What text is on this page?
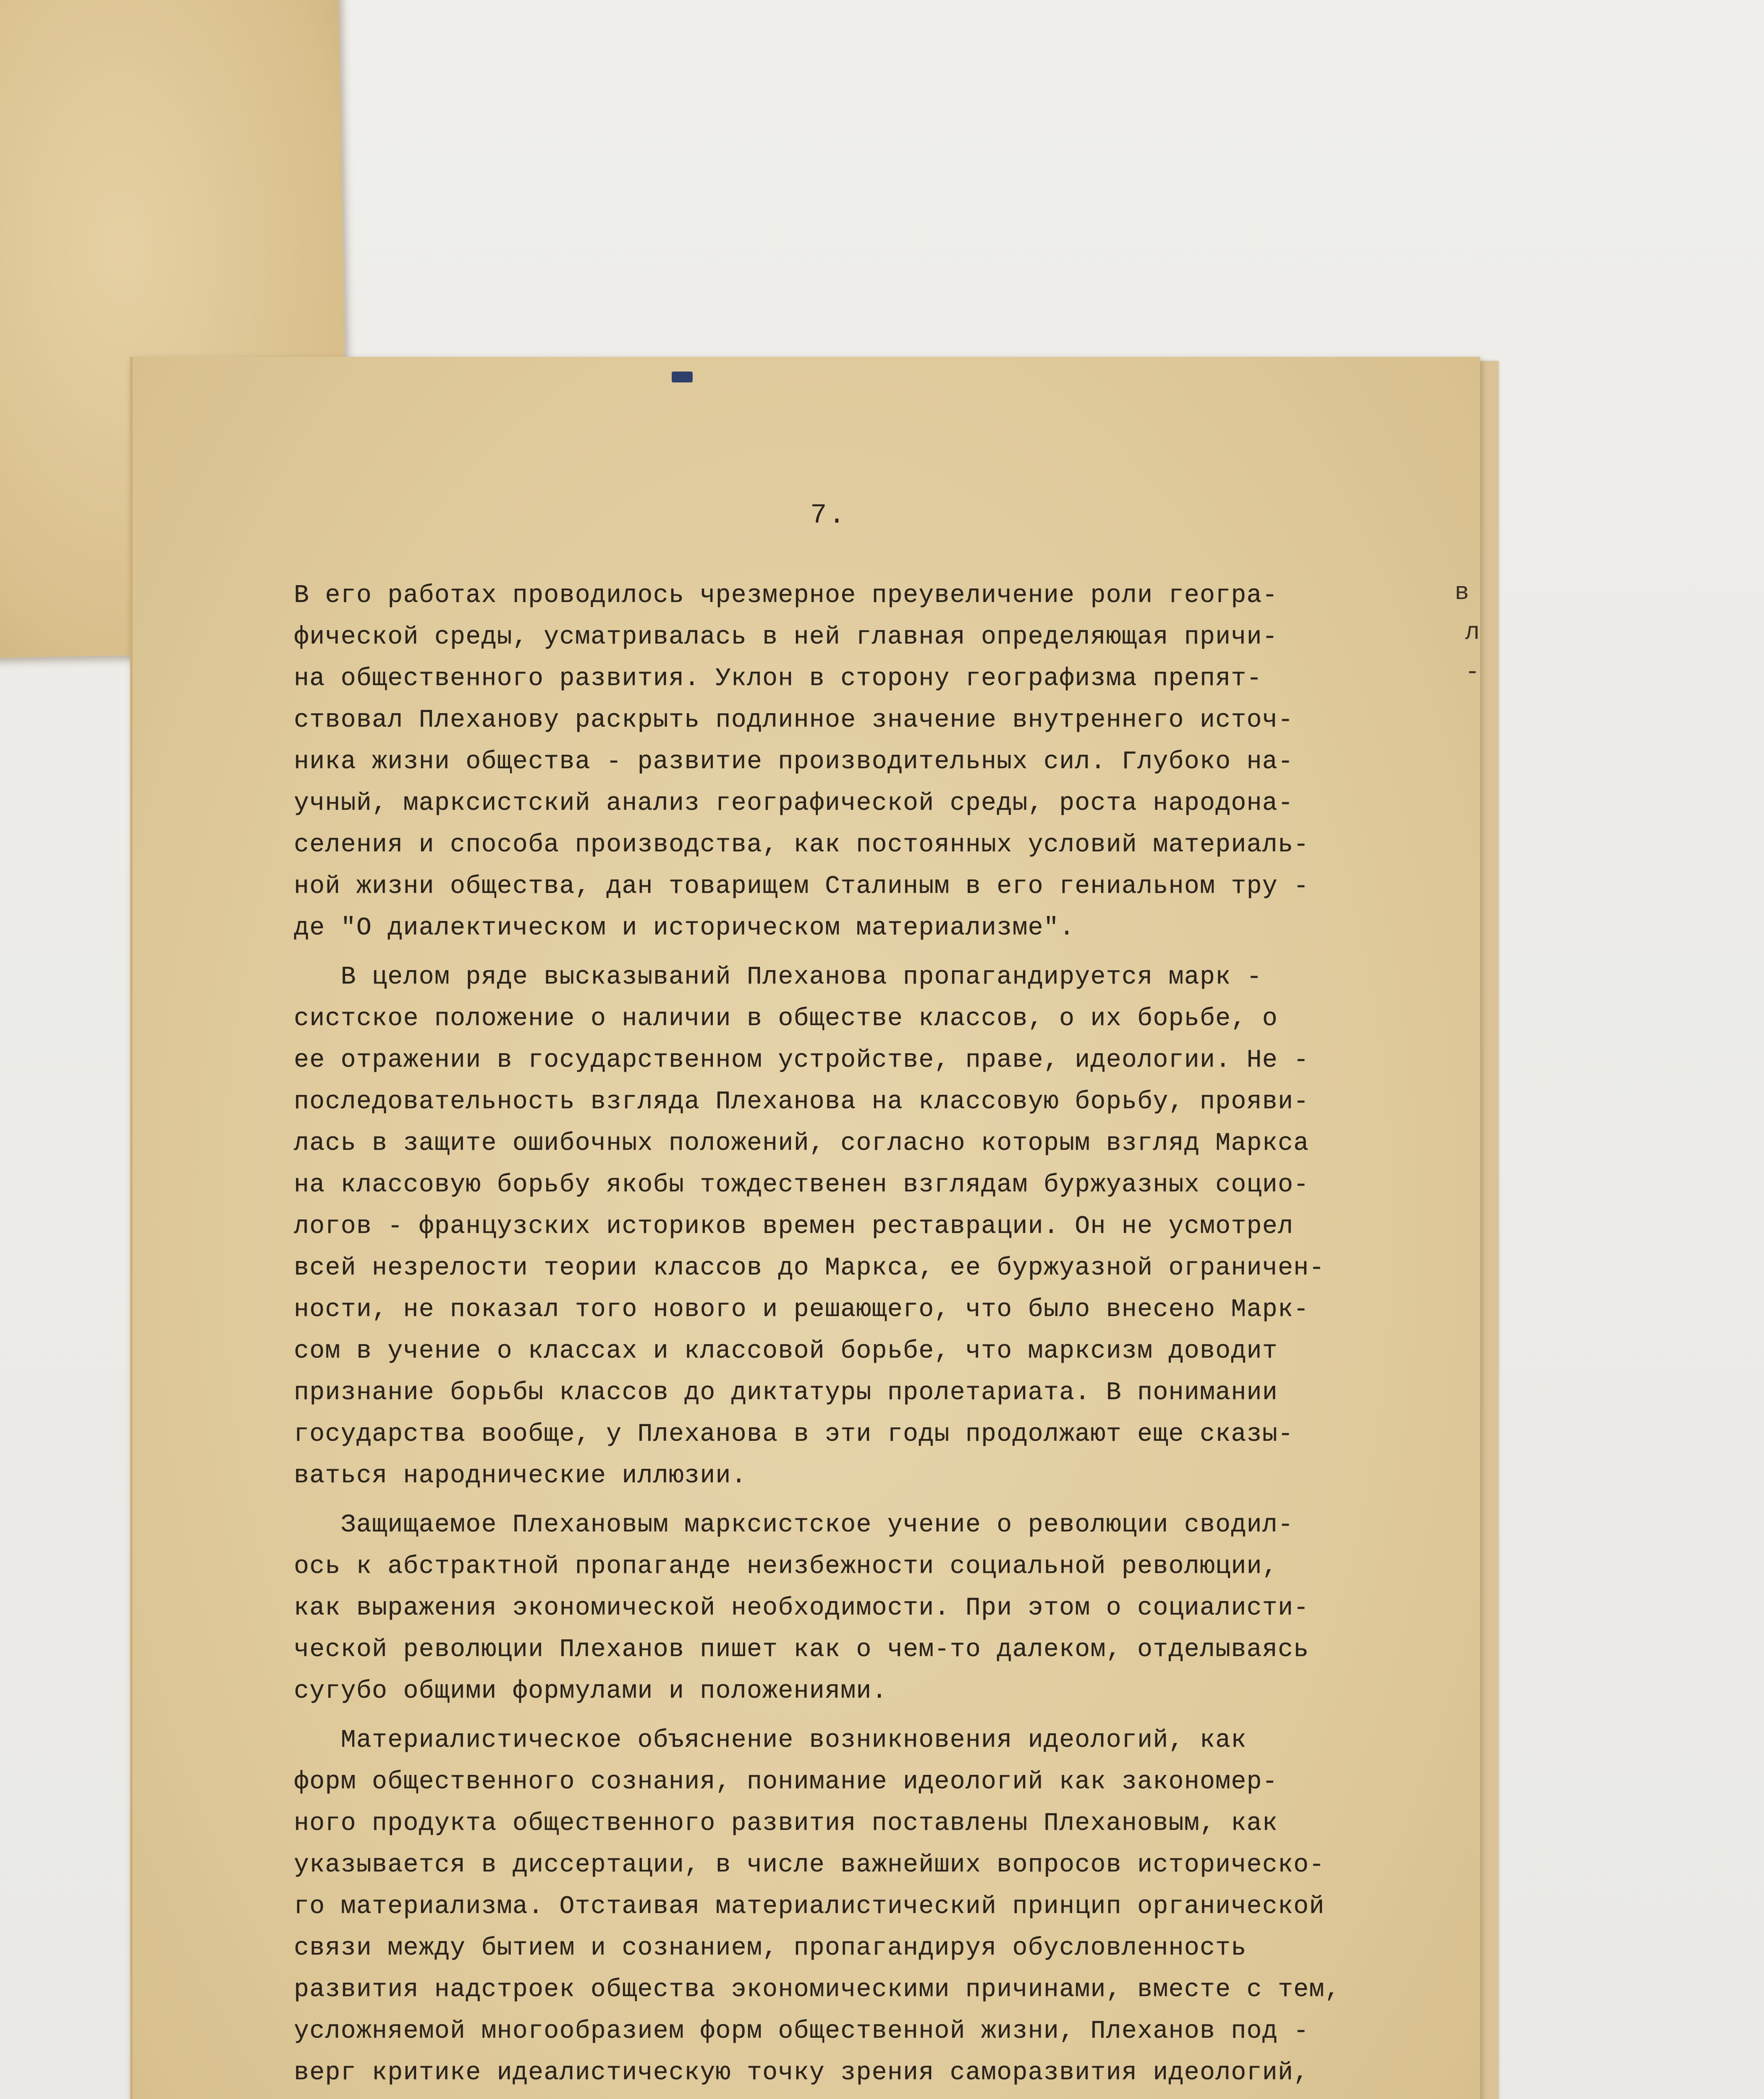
в
л
-
7.
В его работах проводилось чрезмерное преувеличение роли геогра-
фической среды, усматривалась в ней главная определяющая причи-
на общественного развития. Уклон в сторону географизма препят-
ствовал Плеханову раскрыть подлинное значение внутреннего источ-
ника жизни общества - развитие производительных сил. Глубоко на-
учный, марксистский анализ географической среды, роста народона-
селения и способа производства, как постоянных условий материаль-
ной жизни общества, дан товарищем Сталиным в его гениальном тру -
де "О диалектическом и историческом материализме".
В целом ряде высказываний Плеханова пропагандируется марк -
систское положение о наличии в обществе классов, о их борьбе, о
ее отражении в государственном устройстве, праве, идеологии. Не -
последовательность взгляда Плеханова на классовую борьбу, прояви-
лась в защите ошибочных положений, согласно которым взгляд Маркса
на классовую борьбу якобы тождественен взглядам буржуазных социо-
логов - французских историков времен реставрации. Он не усмотрел
всей незрелости теории классов до Маркса, ее буржуазной ограничен-
ности, не показал того нового и решающего, что было внесено Марк-
сом в учение о классах и классовой борьбе, что марксизм доводит
признание борьбы классов до диктатуры пролетариата. В понимании
государства вообще, у Плеханова в эти годы продолжают еще сказы-
ваться народнические иллюзии.
Защищаемое Плехановым марксистское учение о революции сводил-
ось к абстрактной пропаганде неизбежности социальной революции,
как выражения экономической необходимости. При этом о социалисти-
ческой революции Плеханов пишет как о чем-то далеком, отделываясь
сугубо общими формулами и положениями.
Материалистическое объяснение возникновения идеологий, как
форм общественного сознания, понимание идеологий как закономер-
ного продукта общественного развития поставлены Плехановым, как
указывается в диссертации, в числе важнейших вопросов историческо-
го материализма. Отстаивая материалистический принцип органической
связи между бытием и сознанием, пропагандируя обусловленность
развития надстроек общества экономическими причинами, вместе с тем,
усложняемой многообразием форм общественной жизни, Плеханов под -
верг критике идеалистическую точку зрения саморазвития идеологий,
